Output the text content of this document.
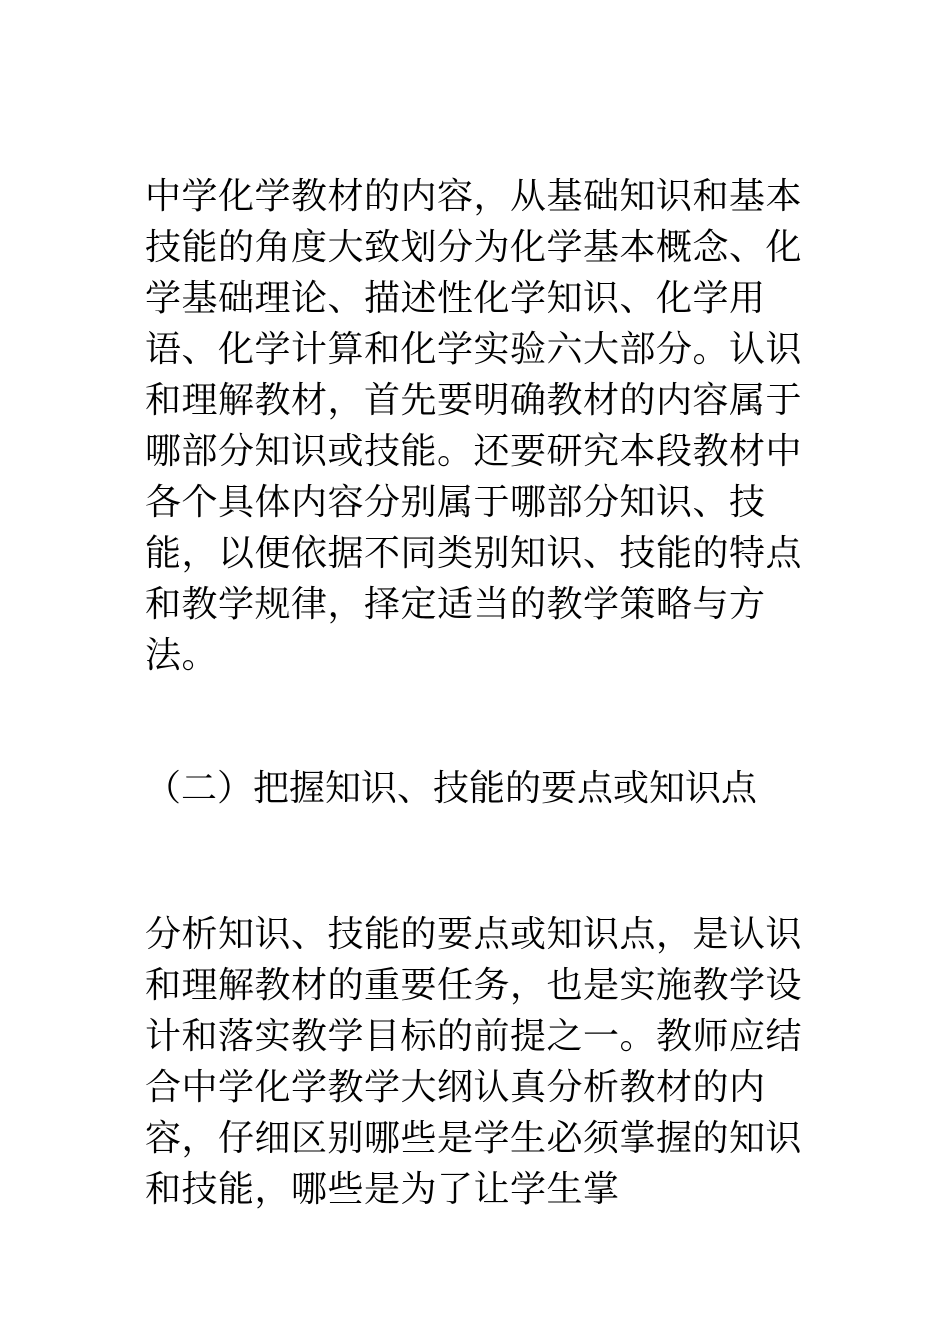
中学化学教材的内容，从基础知识和基本技能的角度大致划分为化学基本概念、化学基础理论、描述性化学知识、化学用语、化学计算和化学实验六大部分。认识和理解教材，首先要明确教材的内容属于哪部分知识或技能。还要研究本段教材中各个具体内容分别属于哪部分知识、技能，以便依据不同类别知识、技能的特点和教学规律，择定适当的教学策略与方法。

（二）把握知识、技能的要点或知识点

分析知识、技能的要点或知识点，是认识和理解教材的重要任务，也是实施教学设计和落实教学目标的前提之一。教师应结合中学化学教学大纲认真分析教材的内容，仔细区别哪些是学生必须掌握的知识和技能，哪些是为了让学生掌
